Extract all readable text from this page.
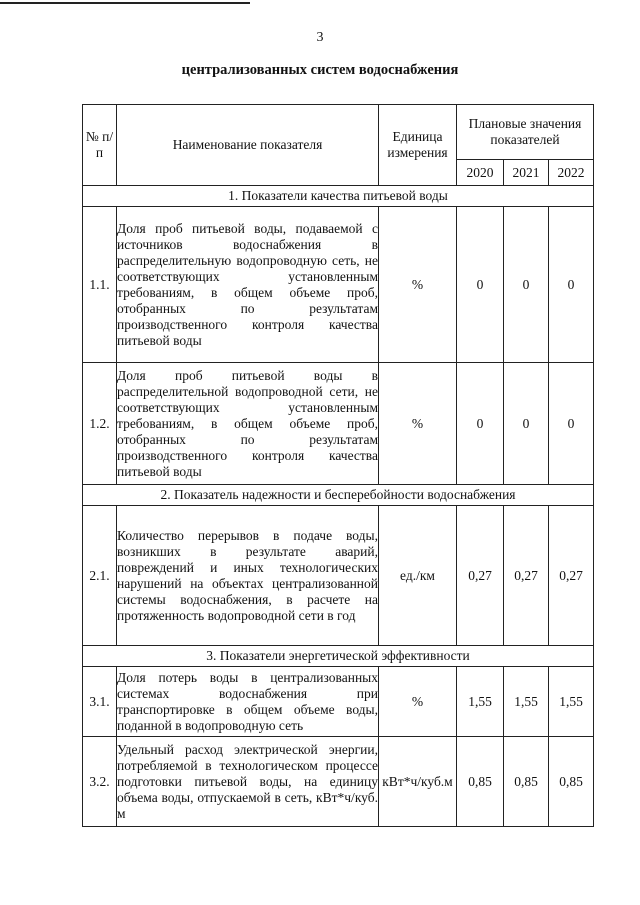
3
централизованных систем водоснабжения
№ п/п	Наименование показателя	Единица измерения	Плановые значения показателей		
			2020	2021	2022
1. Показатели качества питьевой воды					
1.1.	Доля проб питьевой воды, подаваемой с источников водоснабжения в распределительную водопроводную сеть, не соответствующих установленным требованиям, в общем объеме проб, отобранных по результатам производственного контроля качества питьевой воды	%	0	0	0
1.2.	Доля проб питьевой воды в распределительной водопроводной сети, не соответствующих установленным требованиям, в общем объеме проб, отобранных по результатам производственного контроля качества питьевой воды	%	0	0	0
2. Показатель надежности и бесперебойности водоснабжения					
2.1.	Количество перерывов в подаче воды, возникших в результате аварий, повреждений и иных технологических нарушений на объектах централизованной системы водоснабжения, в расчете на протяженность водопроводной сети в год	ед./км	0,27	0,27	0,27
3. Показатели энергетической эффективности					
3.1.	Доля потерь воды в централизованных системах водоснабжения при транспортировке в общем объеме воды, поданной в водопроводную сеть	%	1,55	1,55	1,55
3.2.	Удельный расход электрической энергии, потребляемой в технологическом процессе подготовки питьевой воды, на единицу объема воды, отпускаемой в сеть, кВт*ч/куб. м	кВт*ч/куб.м	0,85	0,85	0,85
